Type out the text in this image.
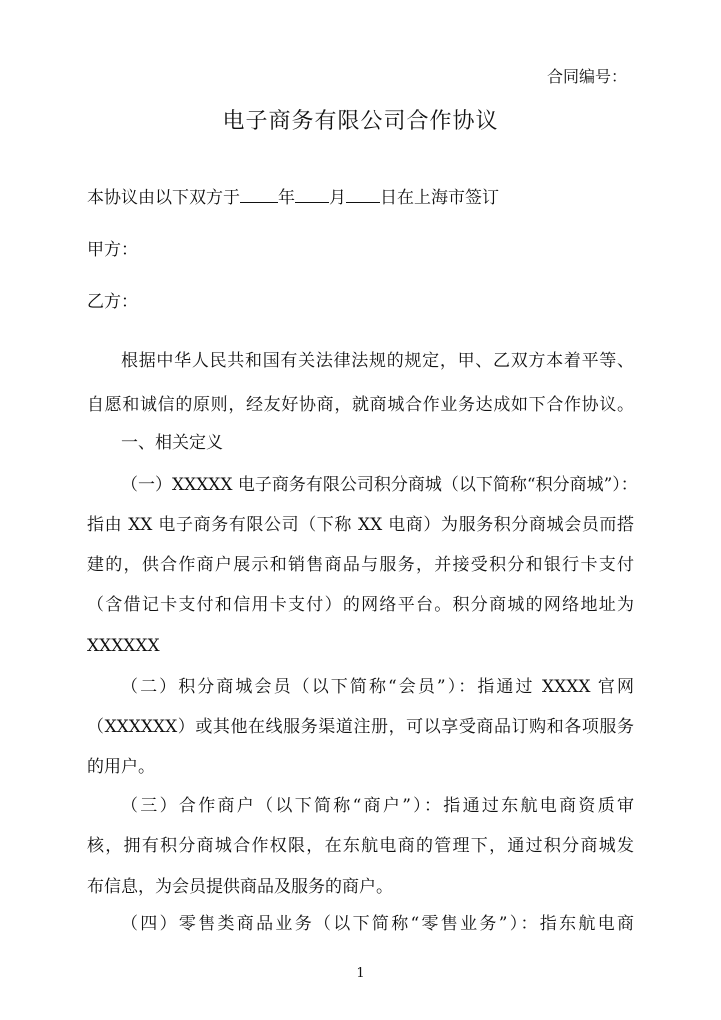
合同编号：
电子商务有限公司合作协议
本协议由以下双方于 年 月 日在上海市签订
甲方：
乙方：
根据中华人民共和国有关法律法规的规定，甲、乙双方本着平等、
自愿和诚信的原则，经友好协商，就商城合作业务达成如下合作协议。
一、相关定义
（一）XXXXX 电子商务有限公司积分商城（以下简称“积分商城”）：
指由 XX 电子商务有限公司（下称 XX 电商）为服务积分商城会员而搭
建的，供合作商户展示和销售商品与服务，并接受积分和银行卡支付
（含借记卡支付和信用卡支付）的网络平台。积分商城的网络地址为
XXXXXX
（二）积分商城会员（以下简称“会员”）：指通过 XXXX 官网
（XXXXXX）或其他在线服务渠道注册，可以享受商品订购和各项服务
的用户。
（三）合作商户（以下简称“商户”）：指通过东航电商资质审
核，拥有积分商城合作权限，在东航电商的管理下，通过积分商城发
布信息，为会员提供商品及服务的商户。
（四）零售类商品业务（以下简称“零售业务”）：指东航电商
1
